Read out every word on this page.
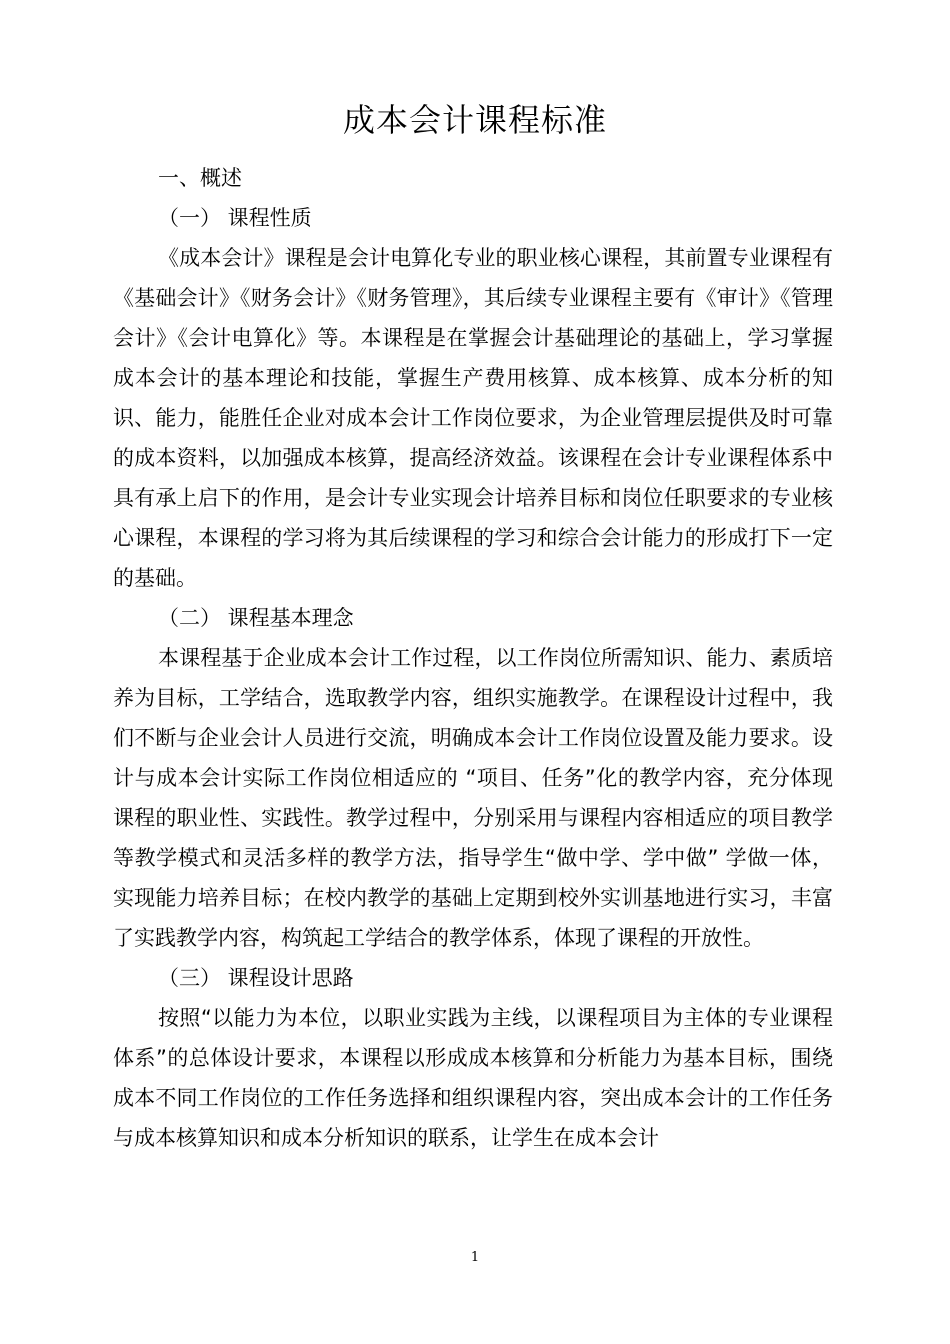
成本会计课程标准
一、概述
（一） 课程性质

《成本会计》课程是会计电算化专业的职业核心课程，其前置专业课程有《基础会计》《财务会计》《财务管理》，其后续专业课程主要有《审计》《管理会计》《会计电算化》等。本课程是在掌握会计基础理论的基础上，学习掌握成本会计的基本理论和技能，掌握生产费用核算、成本核算、成本分析的知识、能力，能胜任企业对成本会计工作岗位要求，为企业管理层提供及时可靠的成本资料，以加强成本核算，提高经济效益。该课程在会计专业课程体系中具有承上启下的作用，是会计专业实现会计培养目标和岗位任职要求的专业核心课程，本课程的学习将为其后续课程的学习和综合会计能力的形成打下一定的基础。

（二） 课程基本理念

本课程基于企业成本会计工作过程，以工作岗位所需知识、能力、素质培养为目标，工学结合，选取教学内容，组织实施教学。在课程设计过程中，我们不断与企业会计人员进行交流，明确成本会计工作岗位设置及能力要求。设计与成本会计实际工作岗位相适应的 “项目、任务”化的教学内容，充分体现课程的职业性、实践性。教学过程中，分别采用与课程内容相适应的项目教学等教学模式和灵活多样的教学方法，指导学生“做中学、学中做” 学做一体，实现能力培养目标；在校内教学的基础上定期到校外实训基地进行实习，丰富了实践教学内容，构筑起工学结合的教学体系，体现了课程的开放性。

（三） 课程设计思路

按照“以能力为本位，以职业实践为主线，以课程项目为主体的专业课程体系”的总体设计要求，本课程以形成成本核算和分析能力为基本目标，围绕成本不同工作岗位的工作任务选择和组织课程内容，突出成本会计的工作任务与成本核算知识和成本分析知识的联系，让学生在成本会计

1
